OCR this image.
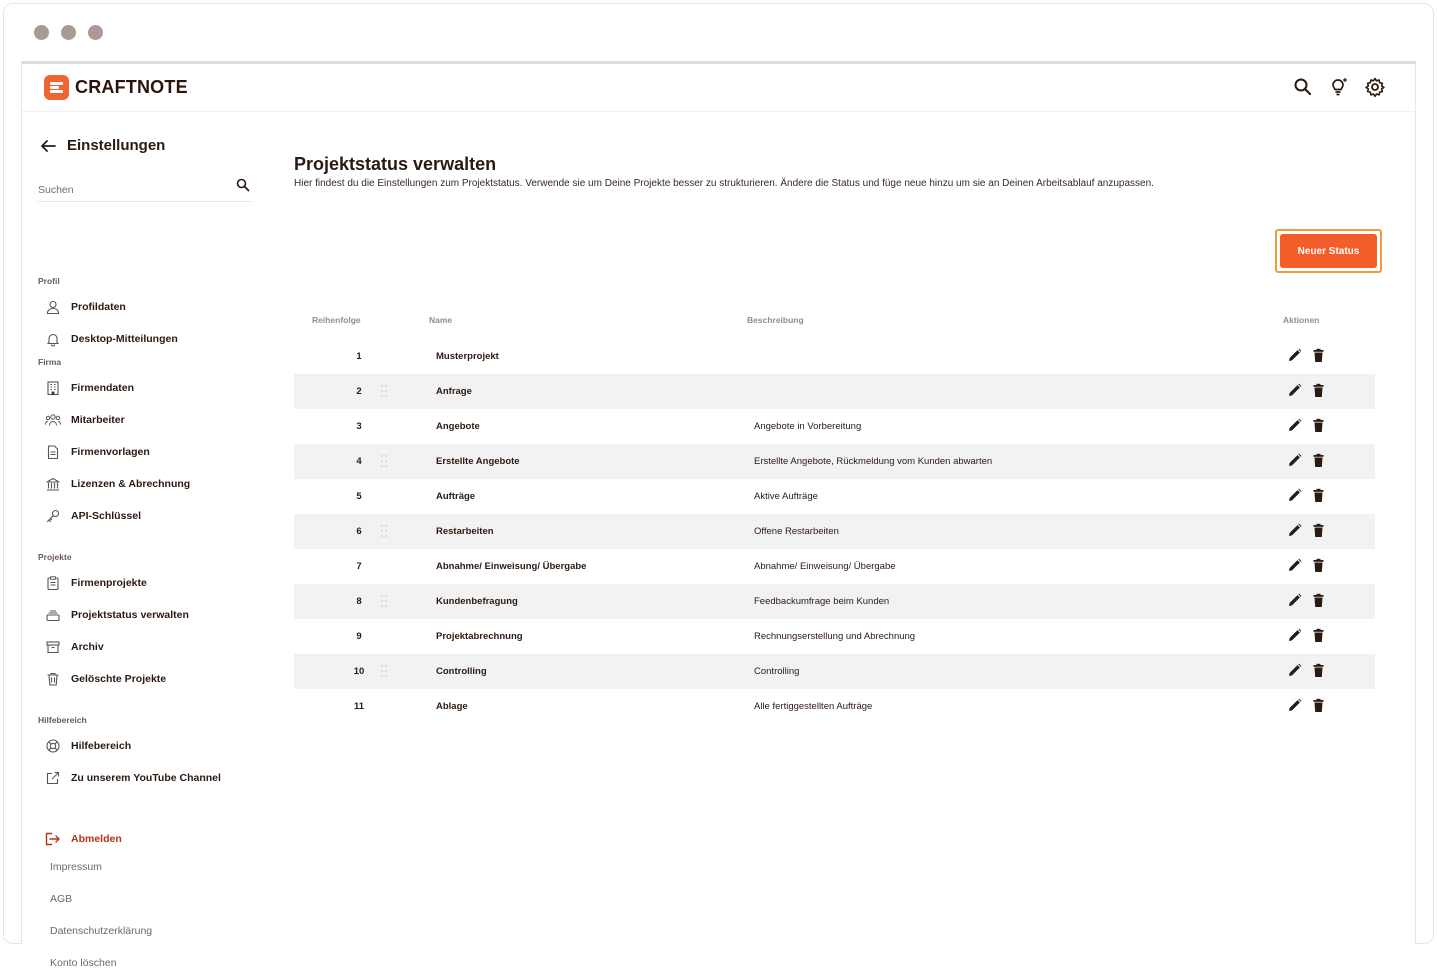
CRAFTNOTE
Einstellungen
Suchen
Profil
Profildaten
Desktop-Mitteilungen
Firma
Firmendaten
Mitarbeiter
Firmenvorlagen
Lizenzen & Abrechnung
API-Schlüssel
Projekte
Firmenprojekte
Projektstatus verwalten
Archiv
Gelöschte Projekte
Hilfebereich
Hilfebereich
Zu unserem YouTube Channel
Abmelden
Impressum
AGB
Datenschutzerklärung
Konto löschen
Projektstatus verwalten

Hier findest du die Einstellungen zum Projektstatus. Verwende sie um Deine Projekte besser zu strukturieren. Ändere die Status und füge neue hinzu um sie an Deinen Arbeitsablauf anzupassen.

Neuer Status
Reihenfolge	Name	Beschreibung	Aktionen
1	Musterprojekt
2	Anfrage
3	Angebote	Angebote in Vorbereitung
4	Erstellte Angebote	Erstellte Angebote, Rückmeldung vom Kunden abwarten
5	Aufträge	Aktive Aufträge
6	Restarbeiten	Offene Restarbeiten
7	Abnahme/ Einweisung/ Übergabe	Abnahme/ Einweisung/ Übergabe
8	Kundenbefragung	Feedbackumfrage beim Kunden
9	Projektabrechnung	Rechnungserstellung und Abrechnung
10	Controlling	Controlling
11	Ablage	Alle fertiggestellten Aufträge
